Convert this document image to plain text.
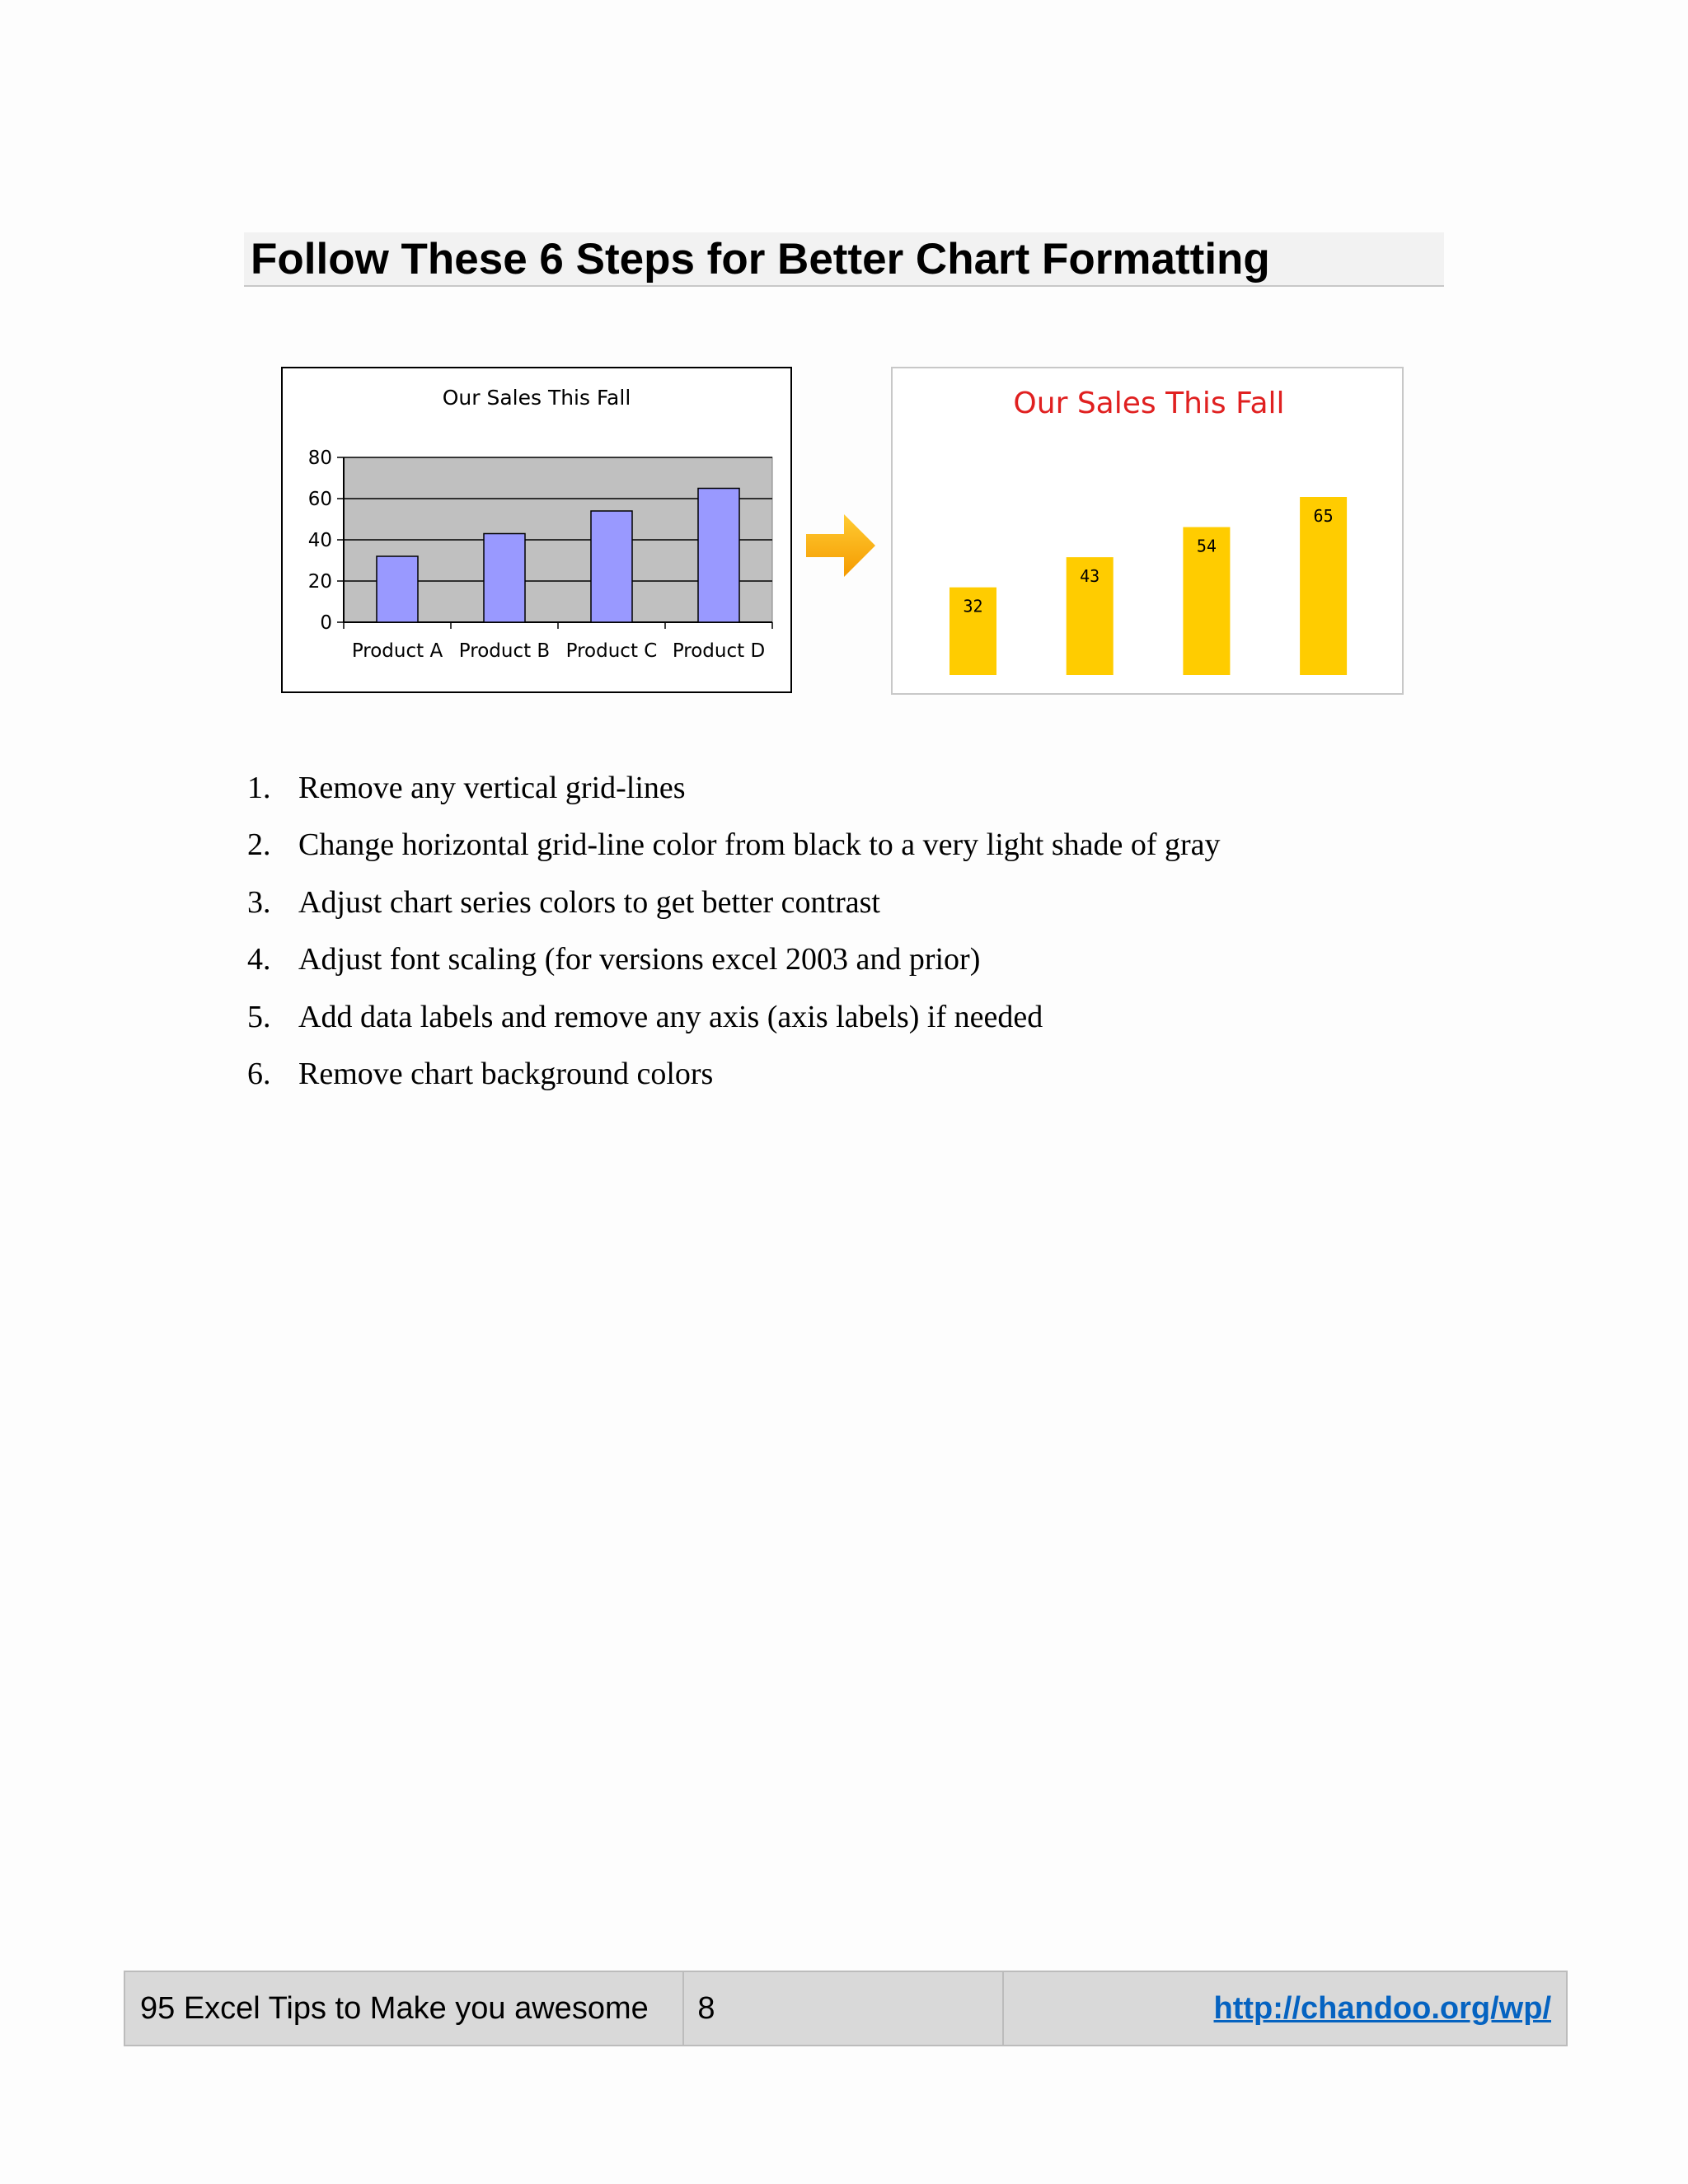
Follow These 6 Steps for Better Chart Formatting
Our Sales This Fall
0
20
40
60
80
Product A Product B Product C Product D
Our Sales This Fall
32
43
54
65
1. Remove any vertical grid-lines
2. Change horizontal grid-line color from black to a very light shade of gray
3. Adjust chart series colors to get better contrast
4. Adjust font scaling (for versions excel 2003 and prior)
5. Add data labels and remove any axis (axis labels) if needed
6. Remove chart background colors
95 Excel Tips to Make you awesome	8	http://chandoo.org/wp/
